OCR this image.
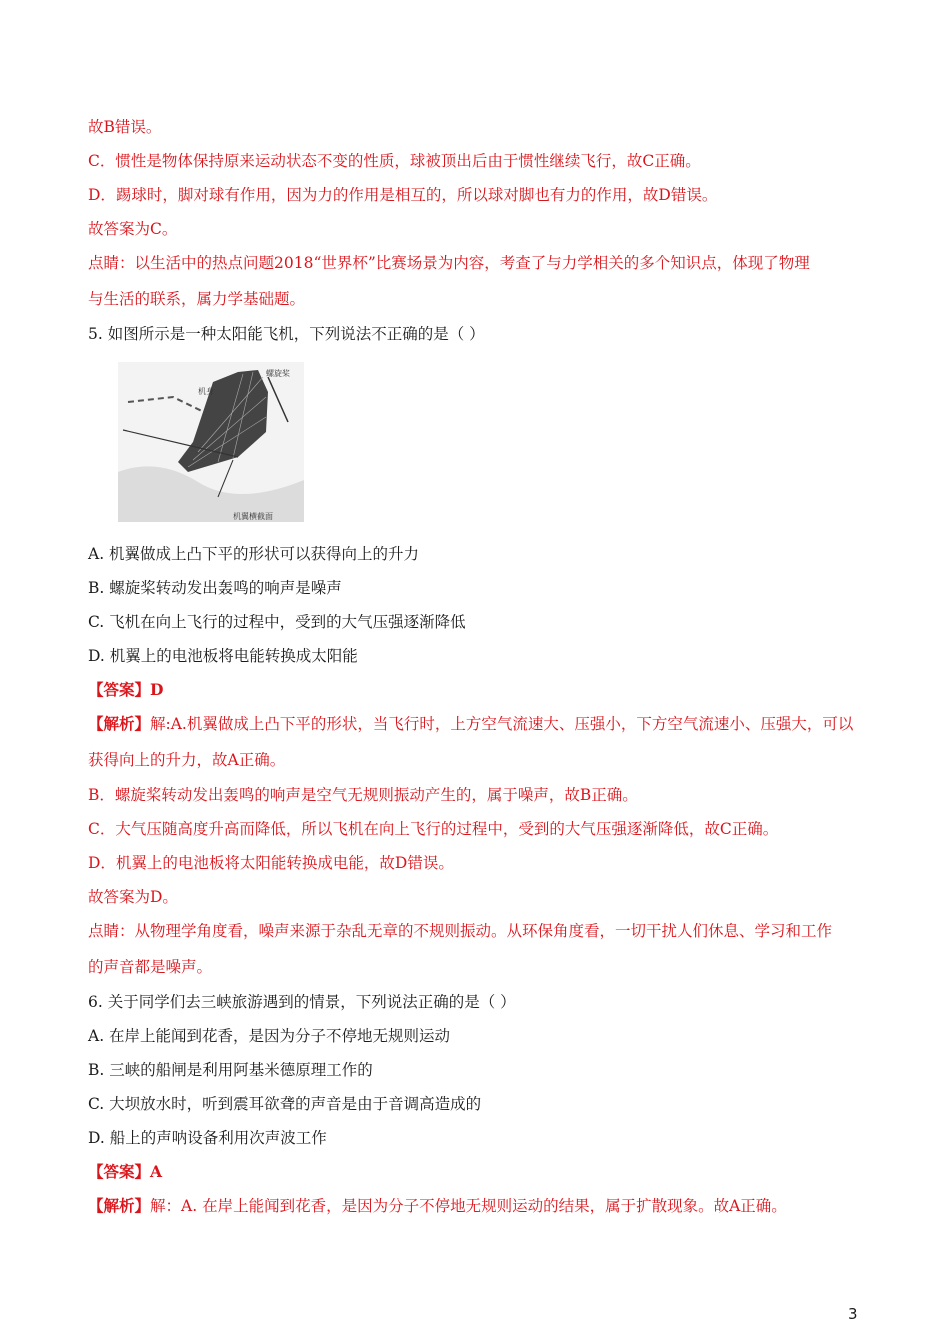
故B错误。
C．惯性是物体保持原来运动状态不变的性质，球被顶出后由于惯性继续飞行，故C正确。
D．踢球时，脚对球有作用，因为力的作用是相互的，所以球对脚也有力的作用，故D错误。
故答案为C。
点睛：以生活中的热点问题2018“世界杯”比赛场景为内容，考查了与力学相关的多个知识点，体现了物理
与生活的联系，属力学基础题。
5. 如图所示是一种太阳能飞机，下列说法不正确的是（ ）
机身
螺旋桨
机翼横截面
A. 机翼做成上凸下平的形状可以获得向上的升力
B. 螺旋桨转动发出轰鸣的响声是噪声
C. 飞机在向上飞行的过程中，受到的大气压强逐渐降低
D. 机翼上的电池板将电能转换成太阳能
【答案】D
【解析】解:A.机翼做成上凸下平的形状，当飞行时，上方空气流速大、压强小，下方空气流速小、压强大，可以
获得向上的升力，故A正确。
B．螺旋桨转动发出轰鸣的响声是空气无规则振动产生的，属于噪声，故B正确。
C．大气压随高度升高而降低，所以飞机在向上飞行的过程中，受到的大气压强逐渐降低，故C正确。
D．机翼上的电池板将太阳能转换成电能，故D错误。
故答案为D。
点睛：从物理学角度看，噪声来源于杂乱无章的不规则振动。从环保角度看，一切干扰人们休息、学习和工作
的声音都是噪声。
6. 关于同学们去三峡旅游遇到的情景，下列说法正确的是（ ）
A. 在岸上能闻到花香，是因为分子不停地无规则运动
B. 三峡的船闸是利用阿基米德原理工作的
C. 大坝放水时，听到震耳欲聋的声音是由于音调高造成的
D. 船上的声呐设备利用次声波工作
【答案】A
【解析】解：A. 在岸上能闻到花香，是因为分子不停地无规则运动的结果，属于扩散现象。故A正确。
3
